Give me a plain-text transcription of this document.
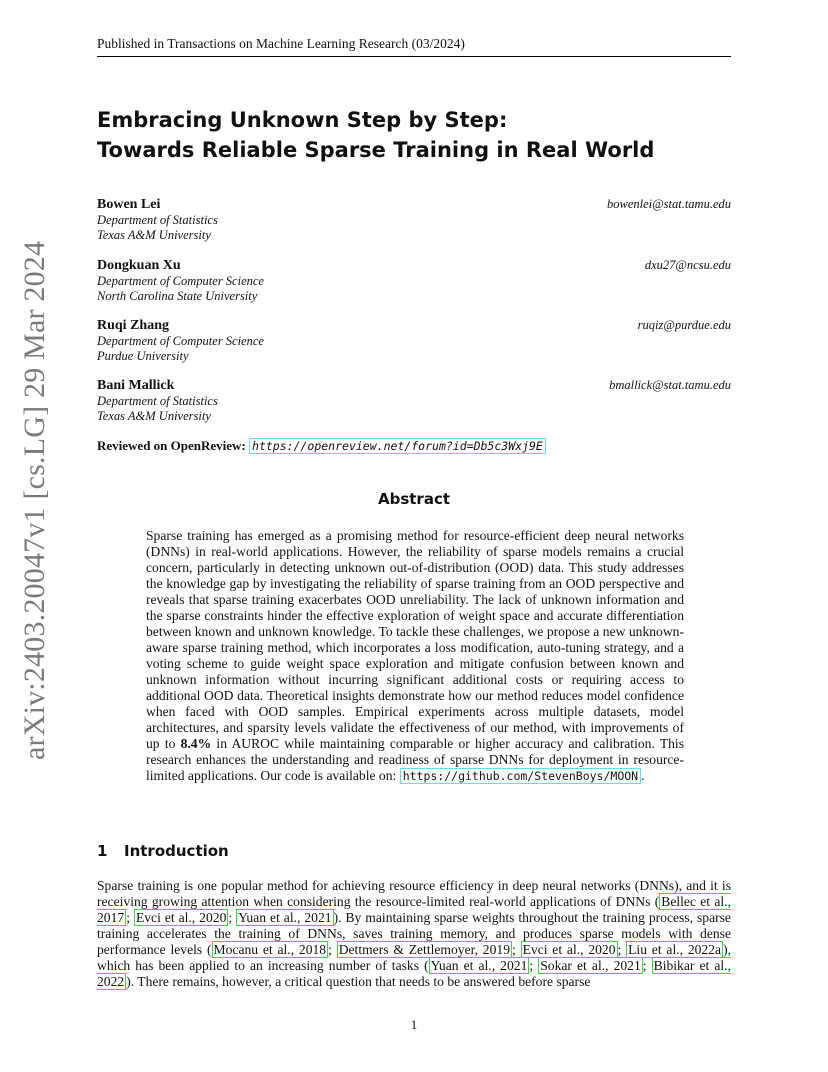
Published in Transactions on Machine Learning Research (03/2024)
arXiv:2403.20047v1 [cs.LG] 29 Mar 2024
Embracing Unknown Step by Step:
Towards Reliable Sparse Training in Real World
Bowen Lei
Department of Statistics
Texas A&M University
bowenlei@stat.tamu.edu
Dongkuan Xu
Department of Computer Science
North Carolina State University
dxu27@ncsu.edu
Ruqi Zhang
Department of Computer Science
Purdue University
ruqiz@purdue.edu
Bani Mallick
Department of Statistics
Texas A&M University
bmallick@stat.tamu.edu
Reviewed on OpenReview: https://openreview.net/forum?id=Db5c3Wxj9E
Abstract
Sparse training has emerged as a promising method for resource-efficient deep neural networks (DNNs) in real-world applications. However, the reliability of sparse models remains a crucial concern, particularly in detecting unknown out-of-distribution (OOD) data. This study addresses the knowledge gap by investigating the reliability of sparse training from an OOD perspective and reveals that sparse training exacerbates OOD unreliability. The lack of unknown information and the sparse constraints hinder the effective exploration of weight space and accurate differentiation between known and unknown knowledge. To tackle these challenges, we propose a new unknown-aware sparse training method, which incorporates a loss modification, auto-tuning strategy, and a voting scheme to guide weight space exploration and mitigate confusion between known and unknown information without incurring significant additional costs or requiring access to additional OOD data. Theoretical insights demonstrate how our method reduces model confidence when faced with OOD samples. Empirical experiments across multiple datasets, model architectures, and sparsity levels validate the effectiveness of our method, with improvements of up to 8.4% in AUROC while maintaining comparable or higher accuracy and calibration. This research enhances the understanding and readiness of sparse DNNs for deployment in resource-limited applications. Our code is available on: https://github.com/StevenBoys/MOON .
1 Introduction
Sparse training is one popular method for achieving resource efficiency in deep neural networks (DNNs), and it is receiving growing attention when considering the resource-limited real-world applications of DNNs ( Bellec et al., 2017 ; Evci et al., 2020 ; Yuan et al., 2021 ). By maintaining sparse weights throughout the training process, sparse training accelerates the training of DNNs, saves training memory, and produces sparse models with dense performance levels ( Mocanu et al., 2018 ; Dettmers & Zettlemoyer, 2019 ; Evci et al., 2020 ; Liu et al., 2022a ), which has been applied to an increasing number of tasks ( Yuan et al., 2021 ; Sokar et al., 2021 ; Bibikar et al., 2022 ). There remains, however, a critical question that needs to be answered before sparse
1
